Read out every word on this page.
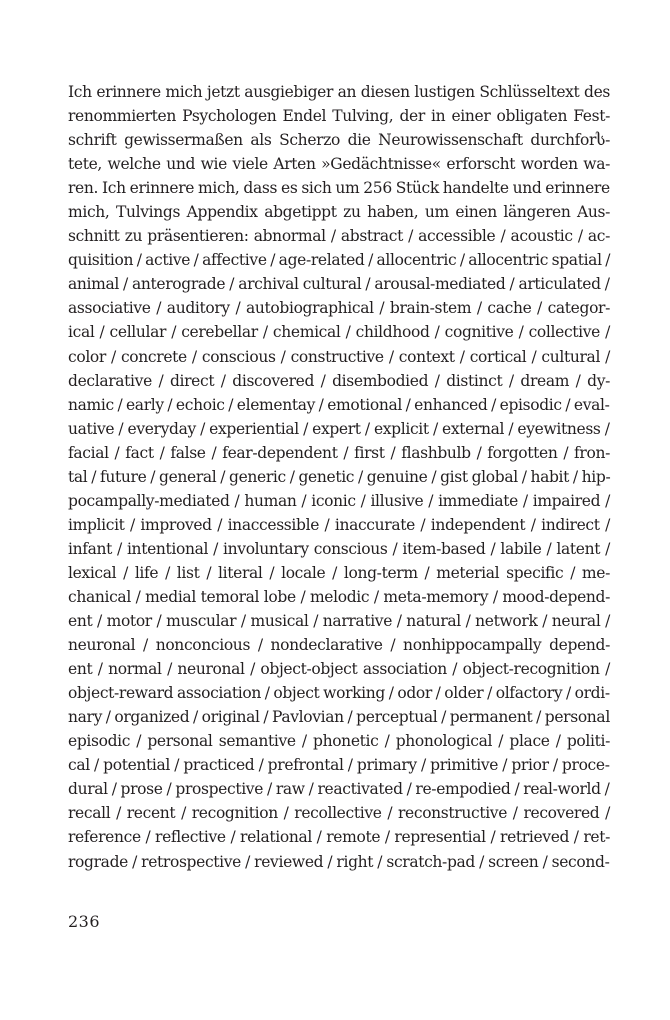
Ich erinnere mich jetzt ausgiebiger an diesen lustigen Schlüsseltext des
renommierten Psychologen Endel Tulving, der in einer obligaten Fest-
schrift gewissermaßen als Scherzo die Neurowissenschaft durchforს-
tete, welche und wie viele Arten »Gedächtnisse« erforscht worden wa-
ren. Ich erinnere mich, dass es sich um 256 Stück handelte und erinnere
mich, Tulvings Appendix abgetippt zu haben, um einen längeren Aus-
schnitt zu präsentieren: abnormal / abstract / accessible / acoustic / ac-
quisition / active / affective / age-related / allocentric / allocentric spatial /
animal / anterograde / archival cultural / arousal-mediated / articulated /
associative / auditory / autobiographical / brain-stem / cache / categor-
ical / cellular / cerebellar / chemical / childhood / cognitive / collective /
color / concrete / conscious / constructive / context / cortical / cultural /
declarative / direct / discovered / disembodied / distinct / dream / dy-
namic / early / echoic / elementay / emotional / enhanced / episodic / eval-
uative / everyday / experiential / expert / explicit / external / eyewitness /
facial / fact / false / fear-dependent / first / flashbulb / forgotten / fron-
tal / future / general / generic / genetic / genuine / gist global / habit / hip-
pocampally-mediated / human / iconic / illusive / immediate / impaired /
implicit / improved / inaccessible / inaccurate / independent / indirect /
infant / intentional / involuntary conscious / item-based / labile / latent /
lexical / life / list / literal / locale / long-term / meterial specific / me-
chanical / medial temoral lobe / melodic / meta-memory / mood-depend-
ent / motor / muscular / musical / narrative / natural / network / neural /
neuronal / nonconcious / nondeclarative / nonhippocampally depend-
ent / normal / neuronal / object-object association / object-recognition /
object-reward association / object working / odor / older / olfactory / ordi-
nary / organized / original / Pavlovian / perceptual / permanent / personal
episodic / personal semantive / phonetic / phonological / place / politi-
cal / potential / practiced / prefrontal / primary / primitive / prior / proce-
dural / prose / prospective / raw / reactivated / re-empodied / real-world /
recall / recent / recognition / recollective / reconstructive / recovered /
reference / reflective / relational / remote / represential / retrieved / ret-
rograde / retrospective / reviewed / right / scratch-pad / screen / second-
236
